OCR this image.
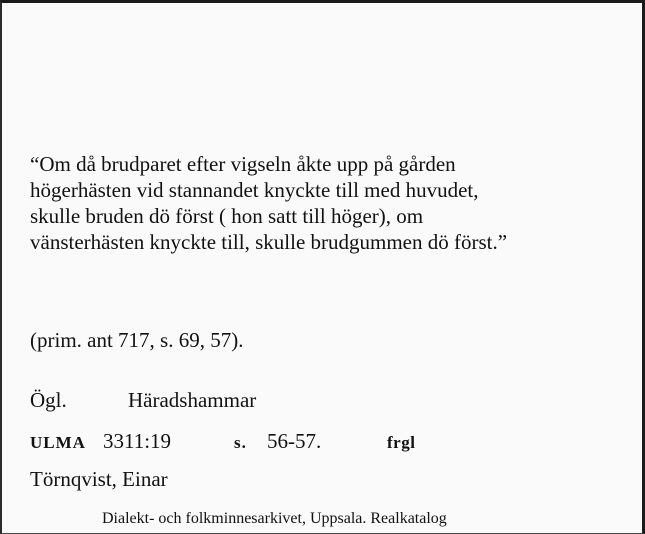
“Om då brudparet efter vigseln åkte upp på gården
högerhästen vid stannandet knyckte till med huvudet,
skulle bruden dö först ( hon satt till höger), om
vänsterhästen knyckte till, skulle brudgummen dö först.”
(prim. ant 717, s. 69, 57).
Ögl.	Häradshammar
ULMA 3311:19	s. 56-57.	frgl
Törnqvist, Einar
Dialekt- och folkminnesarkivet, Uppsala. Realkatalog
